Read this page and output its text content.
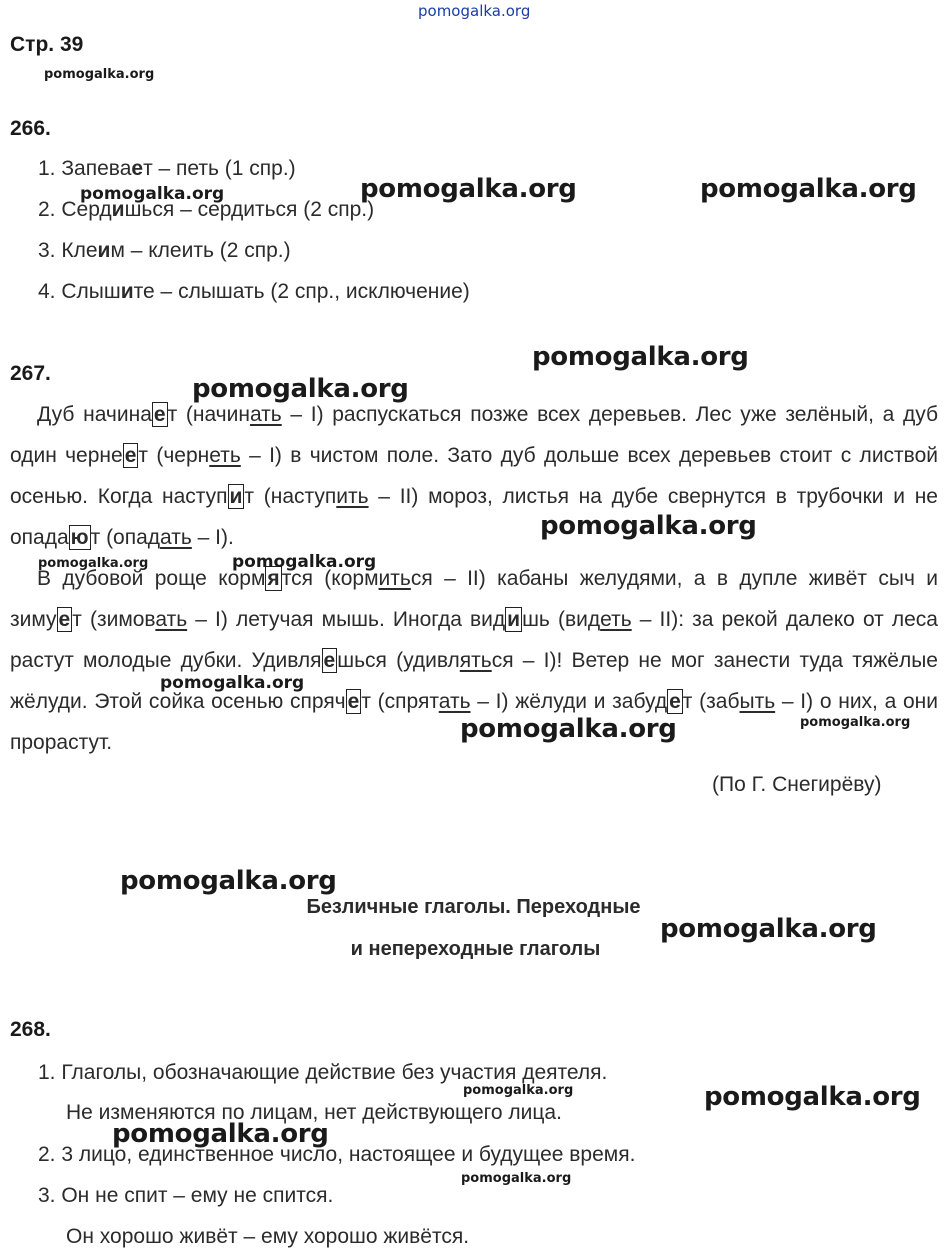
pomogalka.org
Стр. 39
pomogalka.org
266.
1. Запевает – петь (1 спр.)
2. Сердишься – сердиться (2 спр.)
3. Клеим – клеить (2 спр.)
4. Слышите – слышать (2 спр., исключение)
267.
Дуб начинает (начинать – I) распускаться позже всех деревьев. Лес уже зелёный, а дуб один чернеет (чернеть – I) в чистом поле. Зато дуб дольше всех деревьев стоит с листвой осенью. Когда наступит (наступить – II) мороз, листья на дубе свернутся в трубочки и не опадают (опадать – I).
В дубовой роще кормятся (кормиться – II) кабаны желудями, а в дупле живёт сыч и зимует (зимовать – I) летучая мышь. Иногда видишь (видеть – II): за рекой далеко от леса растут молодые дубки. Удивляешься (удивляться – I)! Ветер не мог занести туда тяжёлые жёлуди. Этой сойка осенью спрячет (спрятать – I) жёлуди и забудет (забыть – I) о них, а они прорастут.
(По Г. Снегирёву)
Безличные глаголы. Переходные
и непереходные глаголы
268.
1. Глаголы, обозначающие действие без участия деятеля.
Не изменяются по лицам, нет действующего лица.
2. 3 лицо, единственное число, настоящее и будущее время.
3. Он не спит – ему не спится.
Он хорошо живёт – ему хорошо живётся.
pomogalka.org	pomogalka.org	pomogalka.org
pomogalka.org
pomogalka.org
pomogalka.org
pomogalka.org	pomogalka.org
pomogalka.org
pomogalka.org
pomogalka.org
pomogalka.org
pomogalka.org
pomogalka.org	pomogalka.org
pomogalka.org
pomogalka.org
